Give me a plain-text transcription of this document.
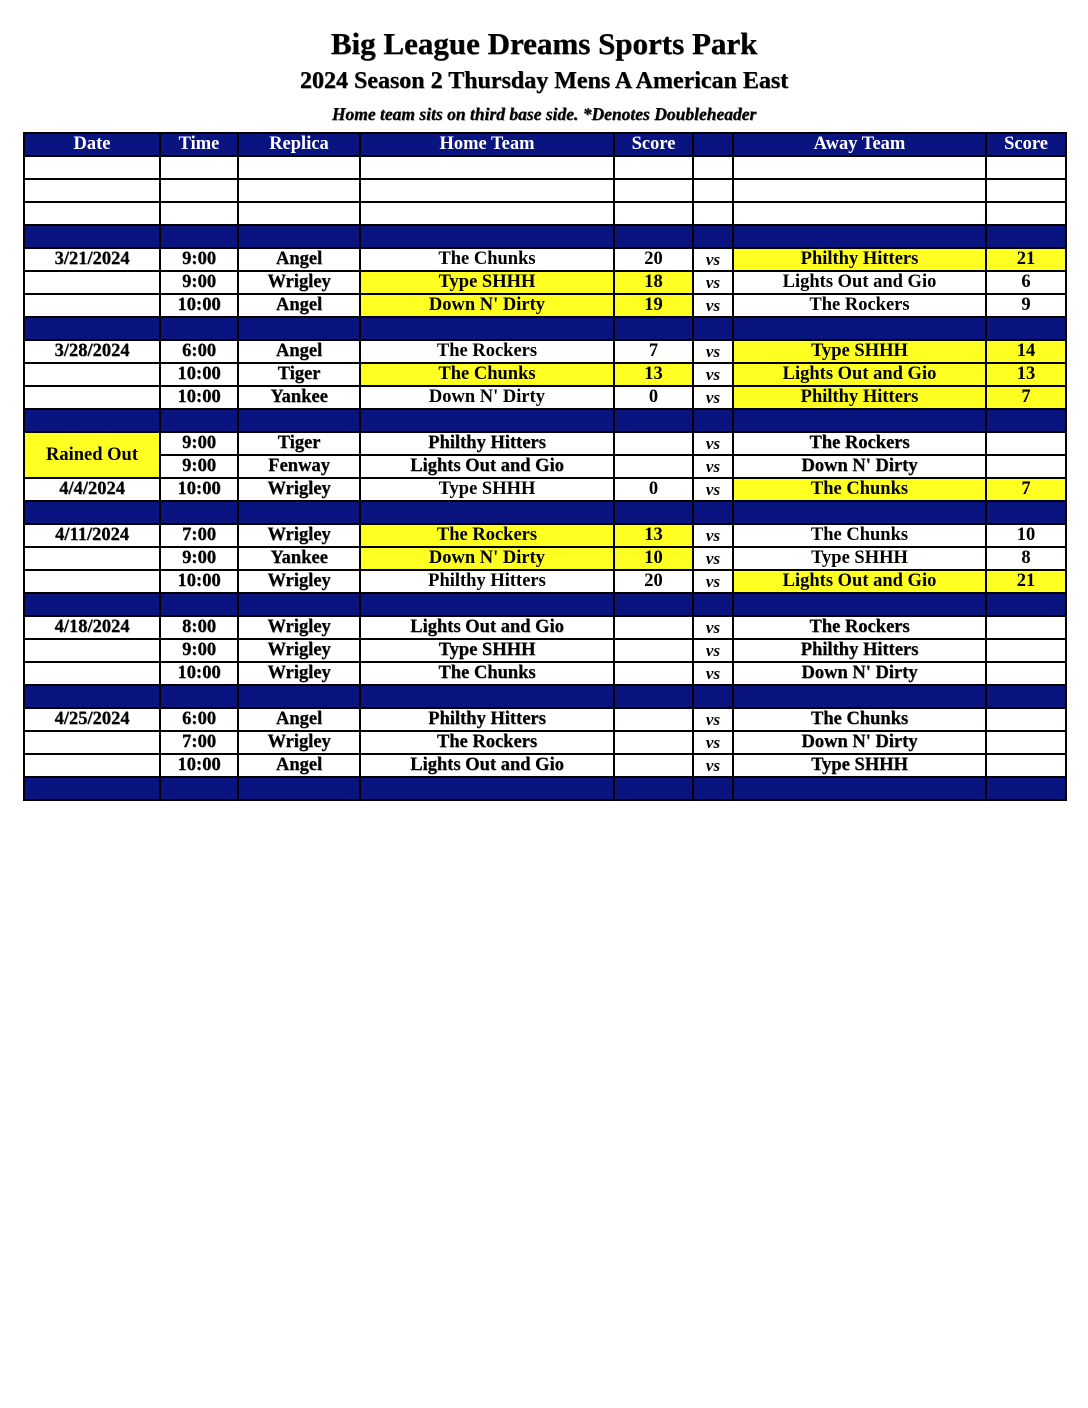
Big League Dreams Sports Park
2024 Season 2 Thursday Mens A American East
Home team sits on third base side. *Denotes Doubleheader
Date	Time	Replica	Home Team	Score		Away Team	Score

3/21/2024	9:00	Angel	The Chunks	20	vs	Philthy Hitters	21
	9:00	Wrigley	Type SHHH	18	vs	Lights Out and Gio	6
	10:00	Angel	Down N' Dirty	19	vs	The Rockers	9

3/28/2024	6:00	Angel	The Rockers	7	vs	Type SHHH	14
	10:00	Tiger	The Chunks	13	vs	Lights Out and Gio	13
	10:00	Yankee	Down N' Dirty	0	vs	Philthy Hitters	7

Rained Out	9:00	Tiger	Philthy Hitters		vs	The Rockers	
	9:00	Fenway	Lights Out and Gio		vs	Down N' Dirty	
4/4/2024	10:00	Wrigley	Type SHHH	0	vs	The Chunks	7

4/11/2024	7:00	Wrigley	The Rockers	13	vs	The Chunks	10
	9:00	Yankee	Down N' Dirty	10	vs	Type SHHH	8
	10:00	Wrigley	Philthy Hitters	20	vs	Lights Out and Gio	21

4/18/2024	8:00	Wrigley	Lights Out and Gio		vs	The Rockers	
	9:00	Wrigley	Type SHHH		vs	Philthy Hitters	
	10:00	Wrigley	The Chunks		vs	Down N' Dirty	

4/25/2024	6:00	Angel	Philthy Hitters		vs	The Chunks	
	7:00	Wrigley	The Rockers		vs	Down N' Dirty	
	10:00	Angel	Lights Out and Gio		vs	Type SHHH	
